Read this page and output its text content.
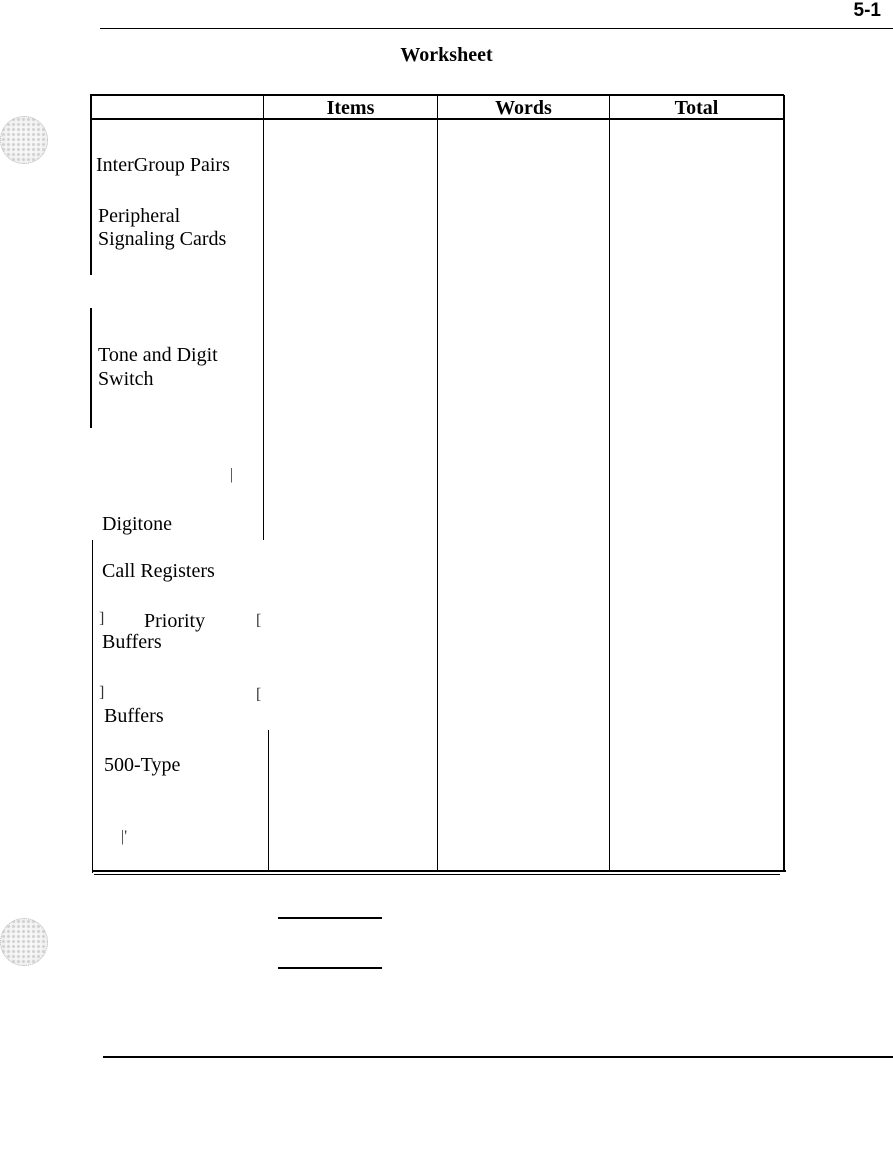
5-1
Worksheet
Items	Words	Total
InterGroup Pairs
Peripheral
Signaling Cards
Tone and Digit
Switch
Digitone
Call Registers
Priority
Buffers
Buffers
500-Type
]
]
|
[
[
|'
